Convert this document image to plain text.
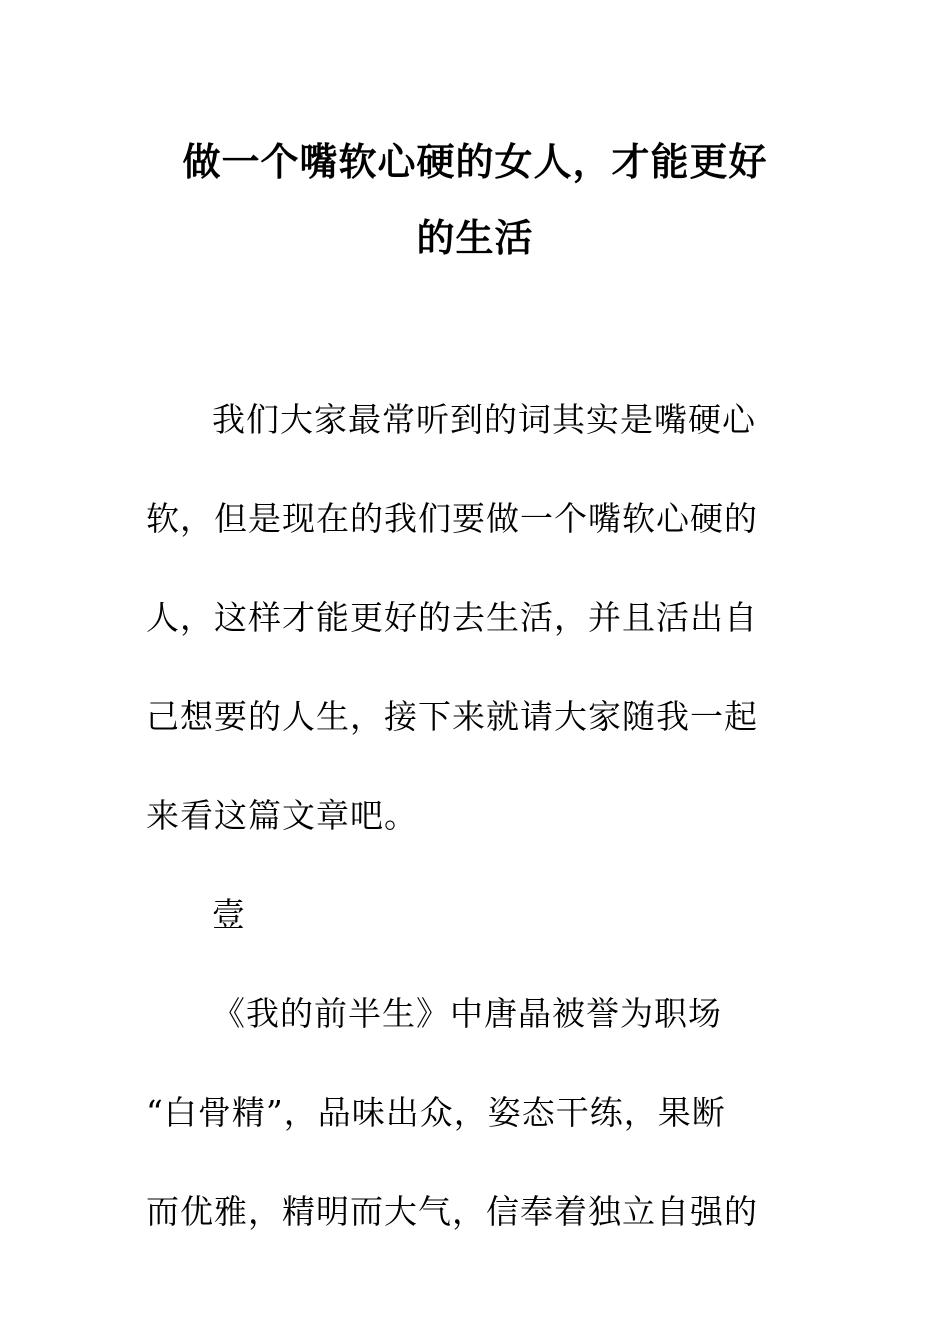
做一个嘴软心硬的女人，才能更好
的生活
我们大家最常听到的词其实是嘴硬心
软，但是现在的我们要做一个嘴软心硬的
人，这样才能更好的去生活，并且活出自
己想要的人生，接下来就请大家随我一起
来看这篇文章吧。
壹
《我的前半生》中唐晶被誉为职场
“白骨精”，品味出众，姿态干练，果断
而优雅，精明而大气，信奉着独立自强的
